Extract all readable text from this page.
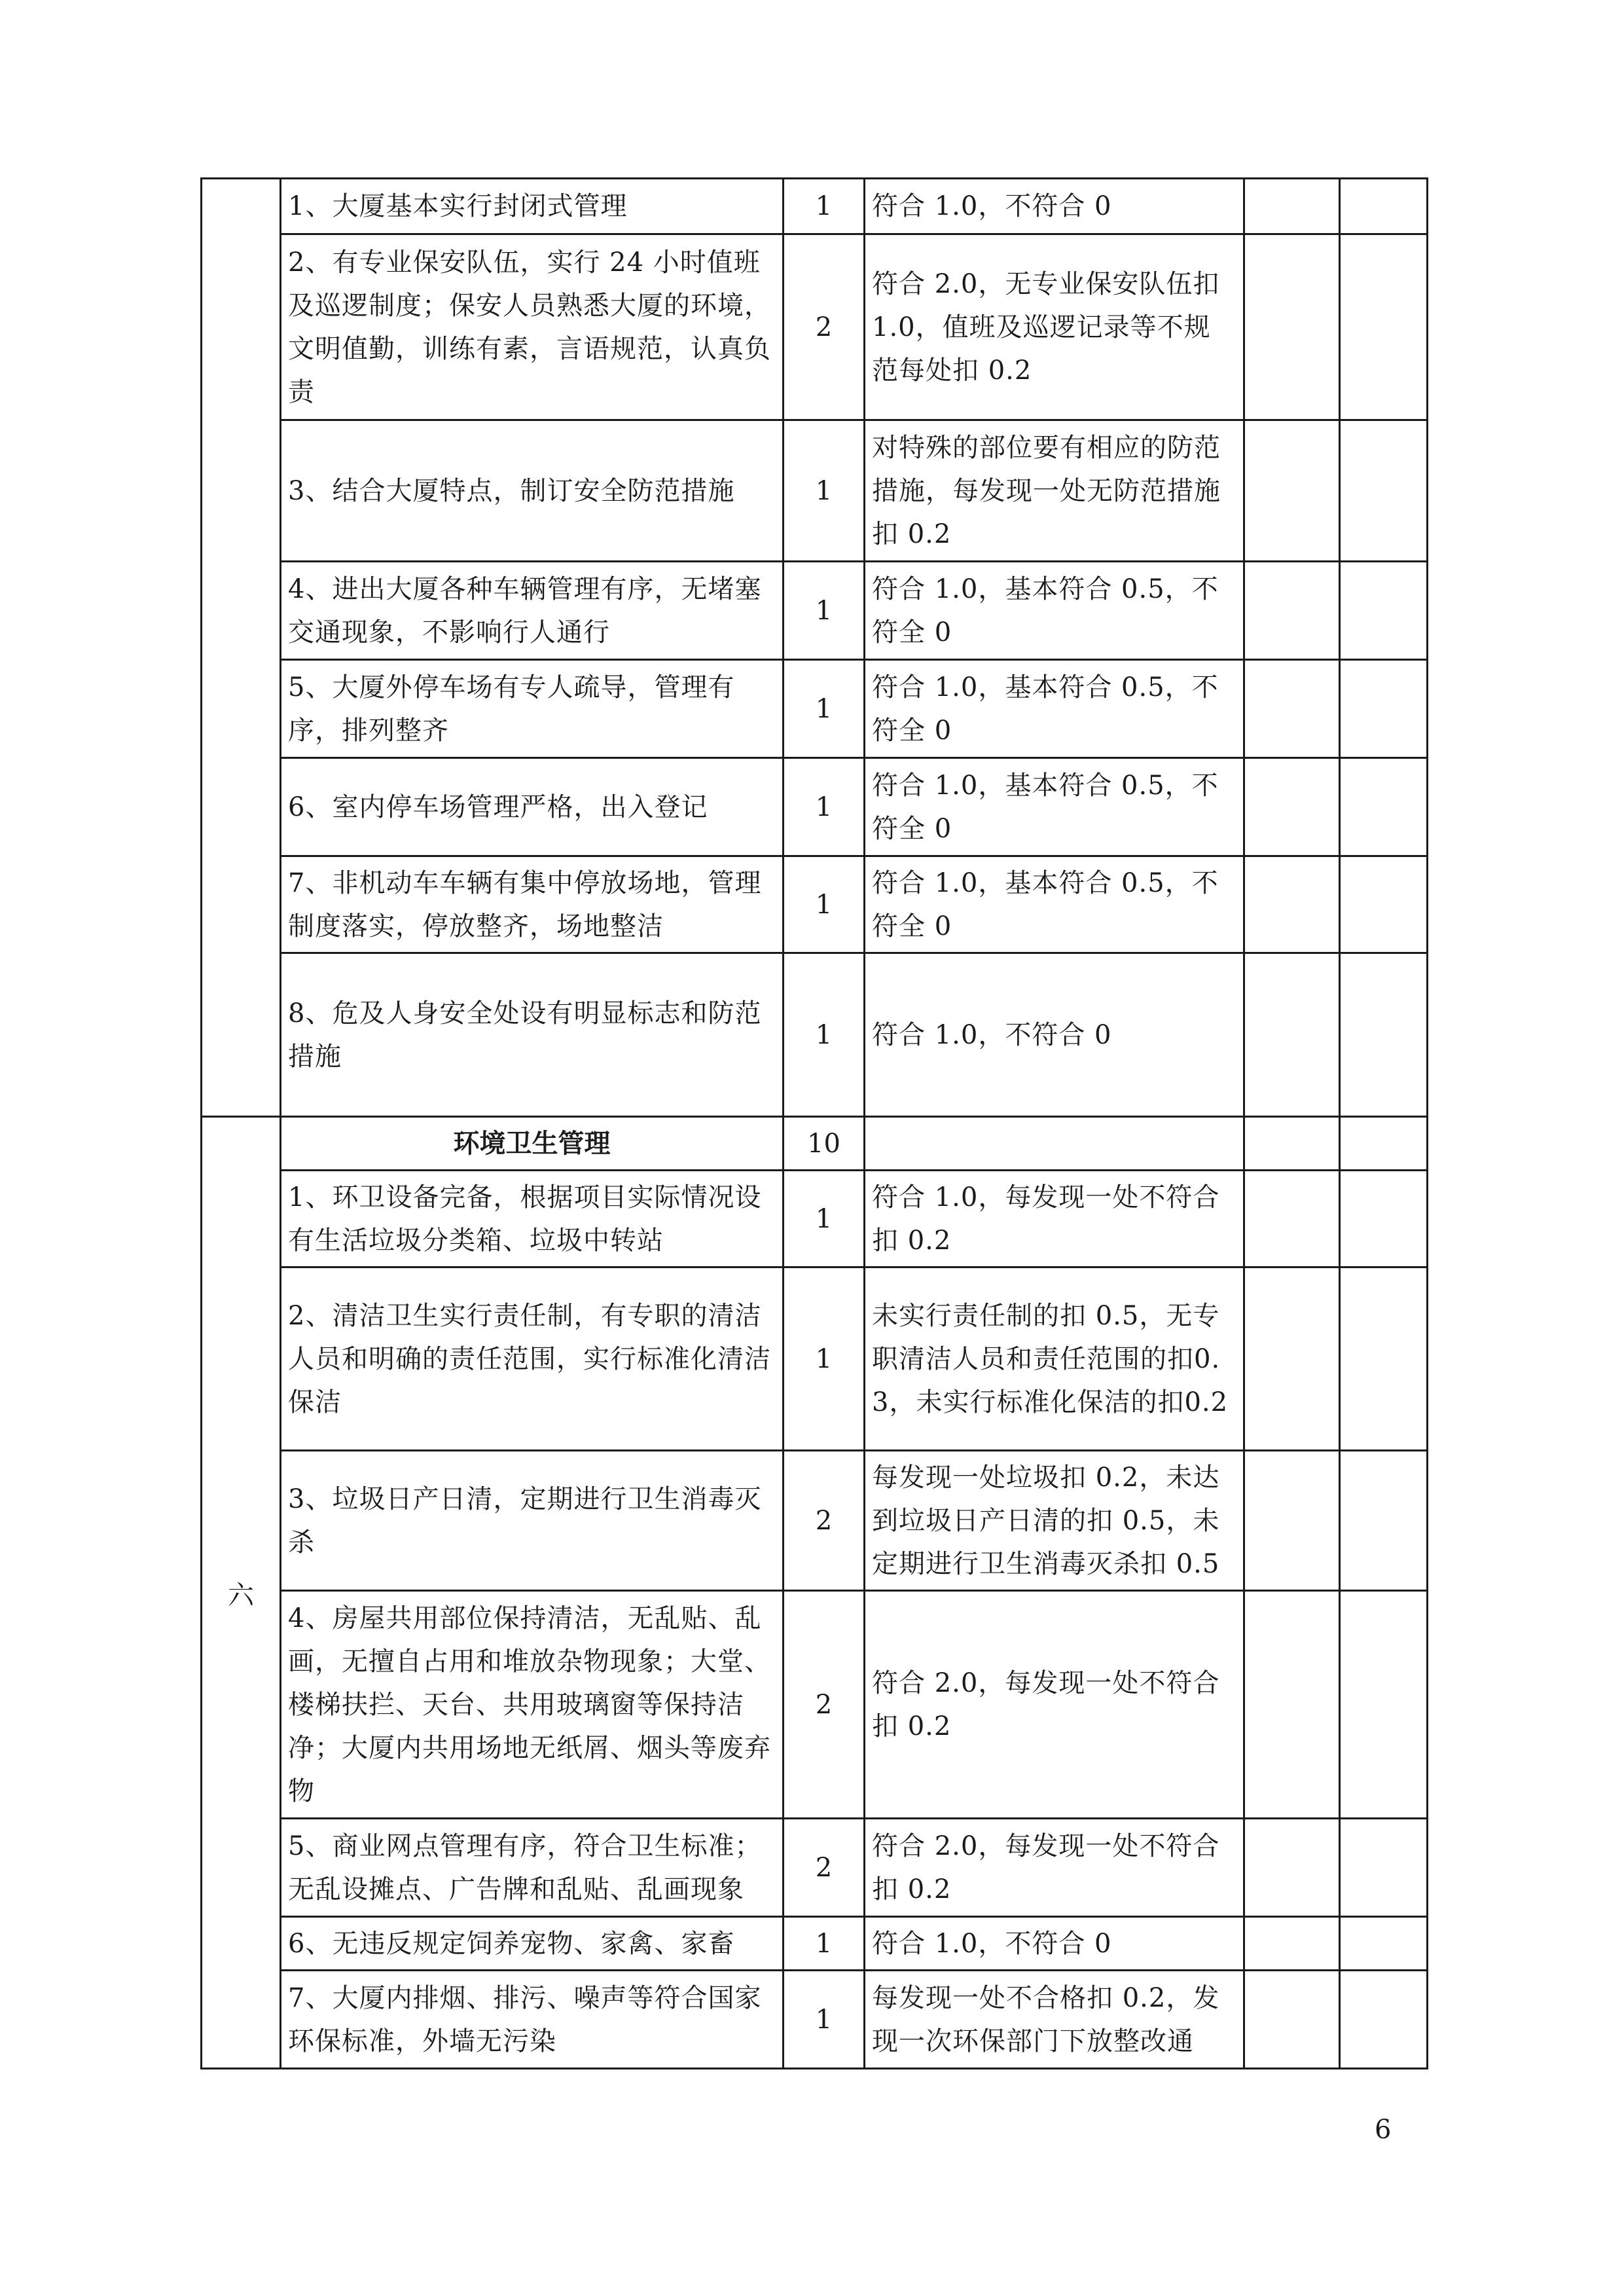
	1、大厦基本实行封闭式管理	1	符合 1.0，不符合 0		
	2、有专业保安队伍，实行 24 小时值班及巡逻制度；保安人员熟悉大厦的环境，文明值勤，训练有素，言语规范，认真负责	2	符合 2.0，无专业保安队伍扣1.0，值班及巡逻记录等不规范每处扣 0.2		
	3、结合大厦特点，制订安全防范措施	1	对特殊的部位要有相应的防范措施，每发现一处无防范措施扣 0.2		
	4、进出大厦各种车辆管理有序，无堵塞交通现象，不影响行人通行	1	符合 1.0，基本符合 0.5，不符全 0		
	5、大厦外停车场有专人疏导，管理有序，排列整齐	1	符合 1.0，基本符合 0.5，不符全 0		
	6、室内停车场管理严格，出入登记	1	符合 1.0，基本符合 0.5，不符全 0		
	7、非机动车车辆有集中停放场地，管理制度落实，停放整齐，场地整洁	1	符合 1.0，基本符合 0.5，不符全 0		
	8、危及人身安全处设有明显标志和防范措施	1	符合 1.0，不符合 0		
六	环境卫生管理	10			
	1、环卫设备完备，根据项目实际情况设有生活垃圾分类箱、垃圾中转站	1	符合 1.0，每发现一处不符合扣 0.2		
	2、清洁卫生实行责任制，有专职的清洁人员和明确的责任范围，实行标准化清洁保洁	1	未实行责任制的扣 0.5，无专职清洁人员和责任范围的扣0.3，未实行标准化保洁的扣0.2		
	3、垃圾日产日清，定期进行卫生消毒灭杀	2	每发现一处垃圾扣 0.2，未达到垃圾日产日清的扣 0.5，未定期进行卫生消毒灭杀扣 0.5		
	4、房屋共用部位保持清洁，无乱贴、乱画，无擅自占用和堆放杂物现象；大堂、楼梯扶拦、天台、共用玻璃窗等保持洁净；大厦内共用场地无纸屑、烟头等废弃物	2	符合 2.0，每发现一处不符合扣 0.2		
	5、商业网点管理有序，符合卫生标准；无乱设摊点、广告牌和乱贴、乱画现象	2	符合 2.0，每发现一处不符合扣 0.2		
	6、无违反规定饲养宠物、家禽、家畜	1	符合 1.0，不符合 0		
	7、大厦内排烟、排污、噪声等符合国家环保标准，外墙无污染	1	每发现一处不合格扣 0.2，发现一次环保部门下放整改通		
6
